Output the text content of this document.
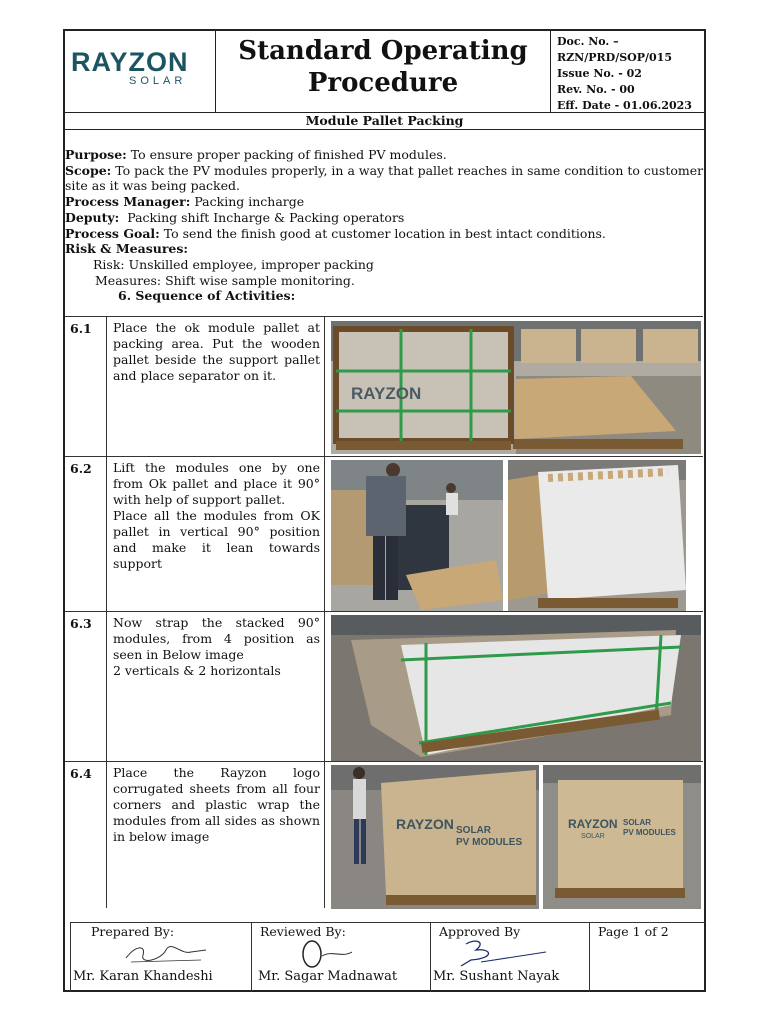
RAYZON
SOLAR
Standard Operating
Procedure
Doc. No. –
RZN/PRD/SOP/015
Issue No. - 02
Rev. No. - 00
Eff. Date - 01.06.2023
Module Pallet Packing
Purpose: To ensure proper packing of finished PV modules.
Scope: To pack the PV modules properly, in a way that pallet reaches in same condition to customer
site as it was being packed.
Process Manager: Packing incharge
Deputy:  Packing shift Incharge & Packing operators
Process Goal: To send the finish good at customer location in best intact conditions.
Risk & Measures:
Risk: Unskilled employee, improper packing
Measures: Shift wise sample monitoring.
6. Sequence of Activities:
6.1	Place the ok module pallet at packing area. Put the wooden pallet beside the support pallet and place separator on it.
RAYZON
6.2	Lift the modules one by one from Ok pallet and place it 90° with help of support pallet.
Place all the modules from OK pallet in vertical 90° position and make it lean towards support
6.3	Now strap the stacked 90° modules, from 4 position as seen in Below image
2 verticals & 2 horizontals
6.4	Place the Rayzon logo corrugated sheets from all four corners and plastic wrap the modules from all sides as shown in below image
RAYZON SOLAR
PV MODULES
RAYZON
SOLAR
SOLAR
PV MODULES
Prepared By:
Mr. Karan Khandeshi
Reviewed By:
Mr. Sagar Madnawat
Approved By
Mr. Sushant Nayak
Page 1 of 2
